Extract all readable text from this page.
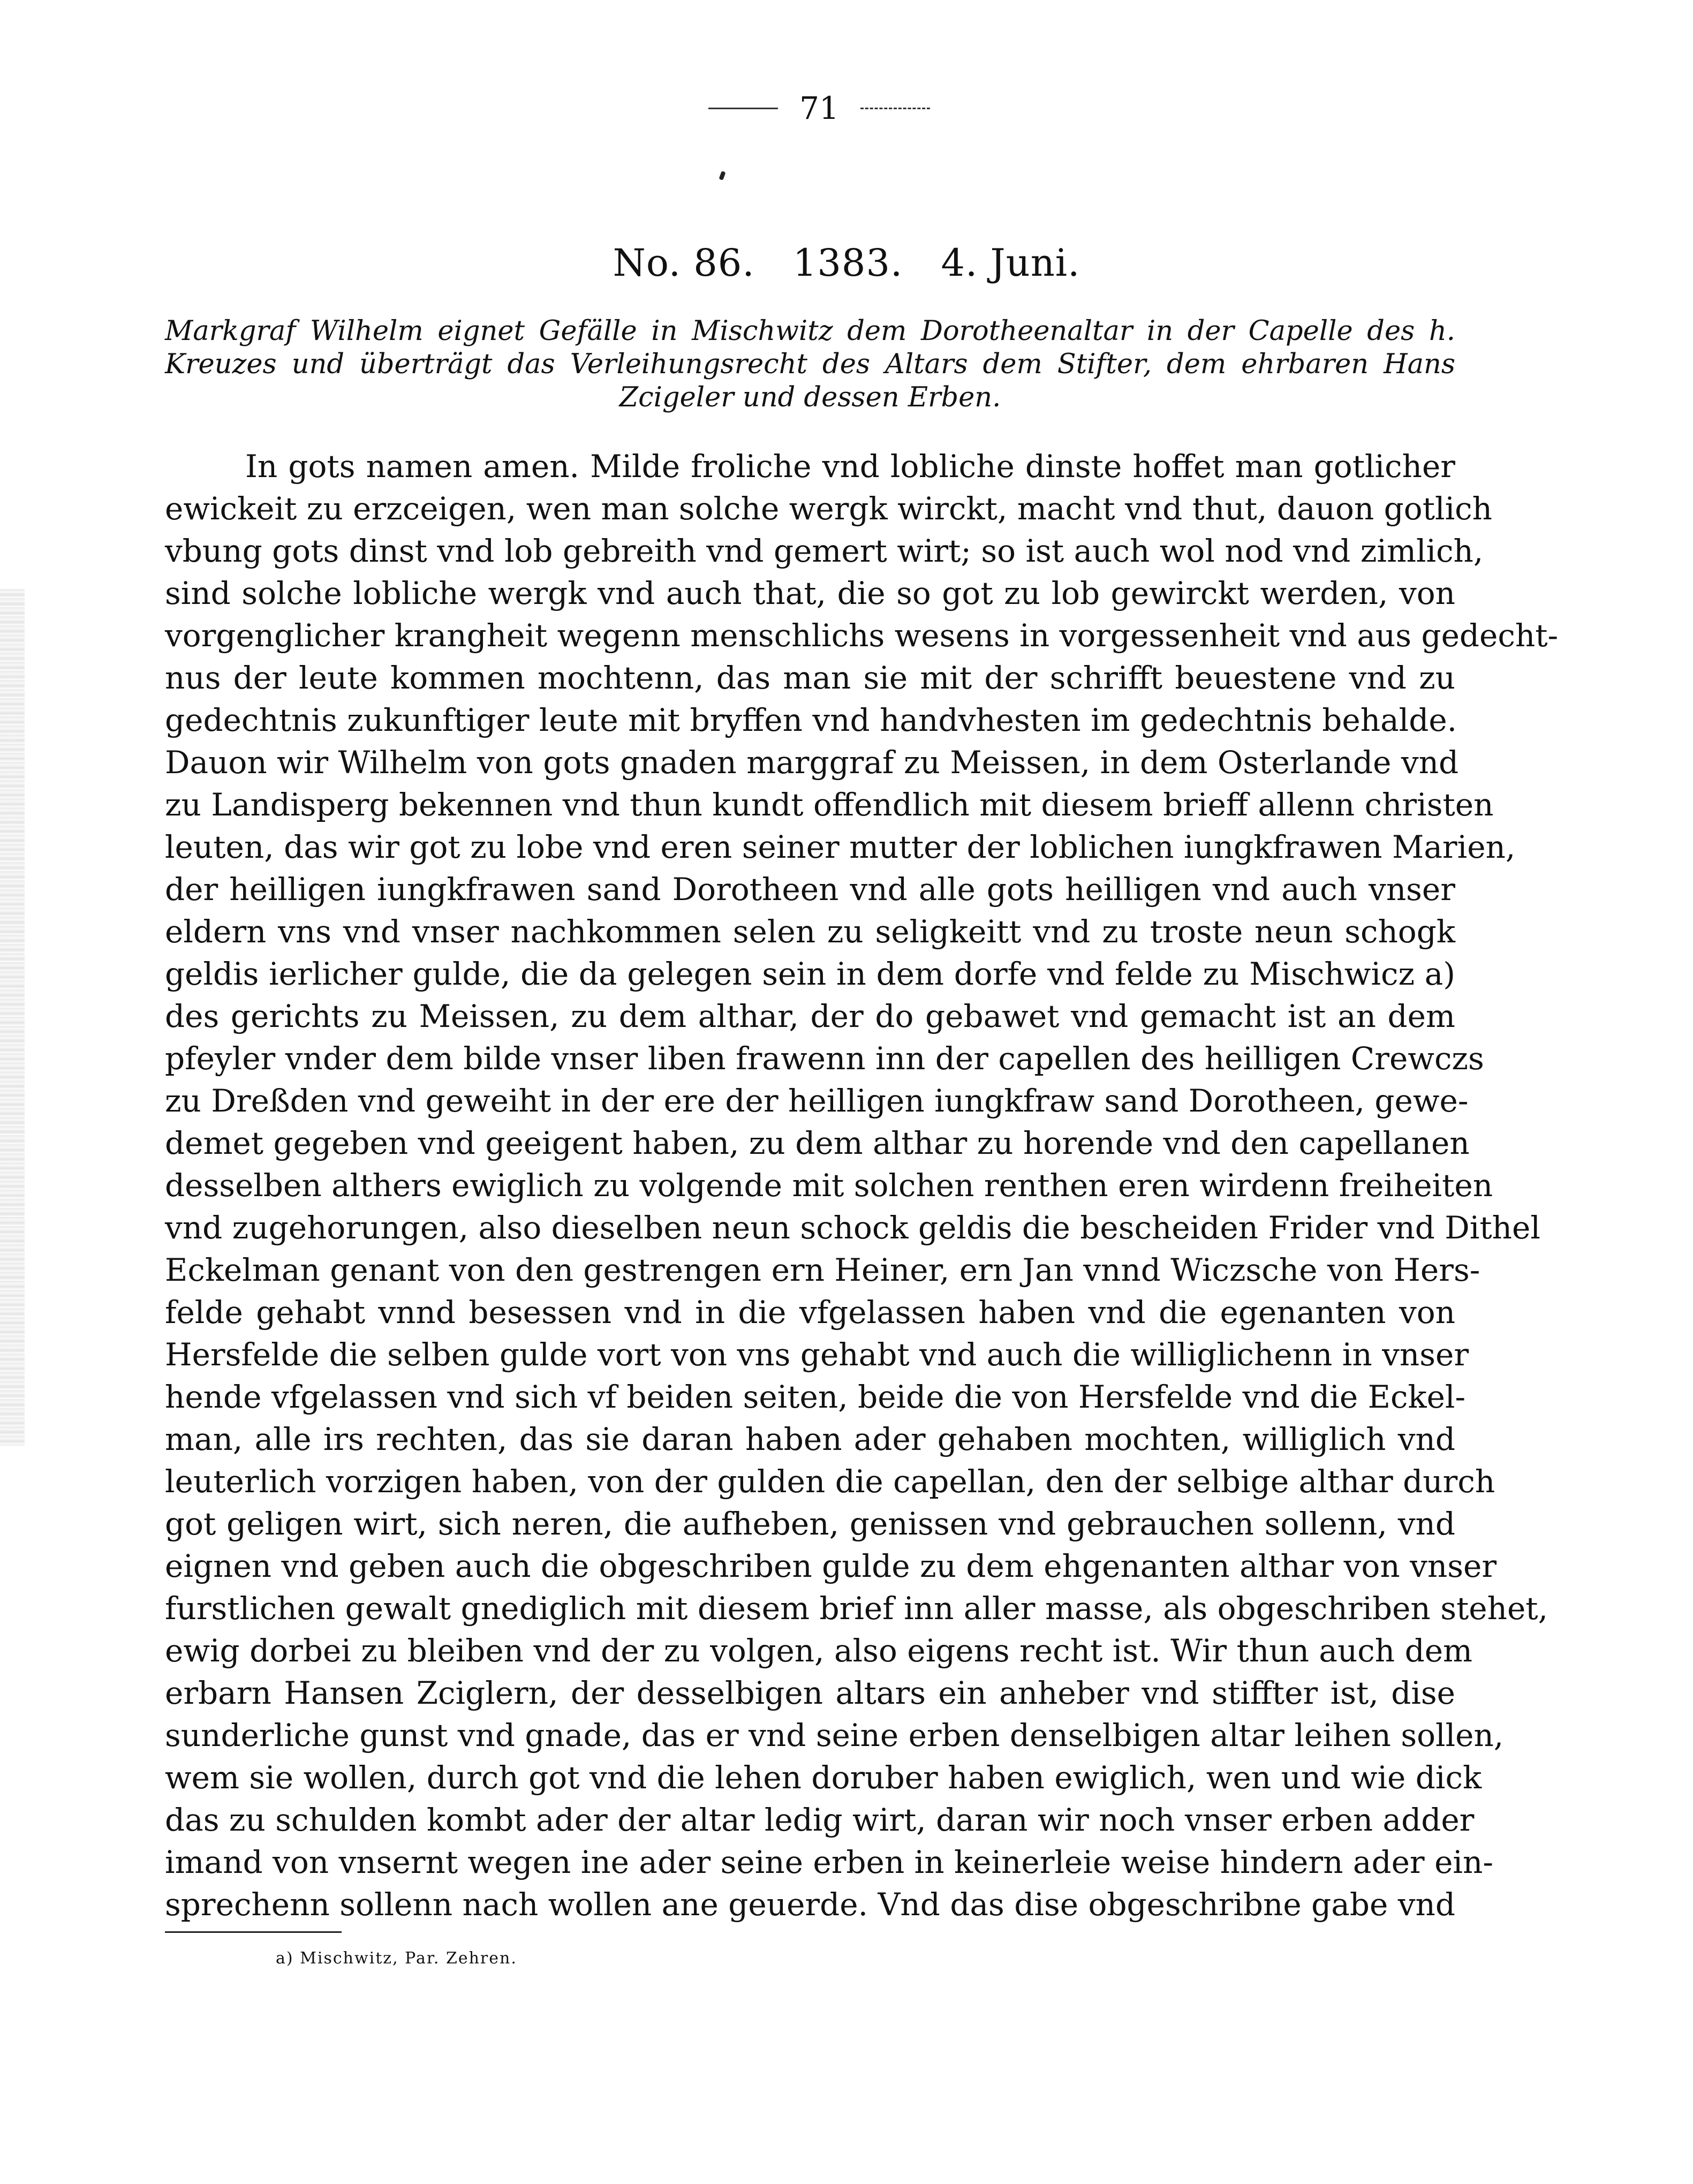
71
No. 86. 1383. 4. Juni.
Markgraf Wilhelm eignet Gefälle in Mischwitz dem Dorotheenaltar in der Capelle des h. Kreuzes und überträgt das Verleihungsrecht des Altars dem Stifter, dem ehrbaren Hans Zcigeler und dessen Erben.
In gots namen amen. Milde froliche vnd lobliche dinste hoffet man gotlicher
ewickeit zu erzceigen, wen man solche wergk wirckt, macht vnd thut, dauon gotlich
vbung gots dinst vnd lob gebreith vnd gemert wirt; so ist auch wol nod vnd zimlich,
sind solche lobliche wergk vnd auch that, die so got zu lob gewirckt werden, von
vorgenglicher krangheit wegenn menschlichs wesens in vorgessenheit vnd aus gedecht-
nus der leute kommen mochtenn, das man sie mit der schrifft beuestene vnd zu
gedechtnis zukunftiger leute mit bryffen vnd handvhesten im gedechtnis behalde.
Dauon wir Wilhelm von gots gnaden marggraf zu Meissen, in dem Osterlande vnd
zu Landisperg bekennen vnd thun kundt offendlich mit diesem brieff allenn christen
leuten, das wir got zu lobe vnd eren seiner mutter der loblichen iungkfrawen Marien,
der heilligen iungkfrawen sand Dorotheen vnd alle gots heilligen vnd auch vnser
eldern vns vnd vnser nachkommen selen zu seligkeitt vnd zu troste neun schogk
geldis ierlicher gulde, die da gelegen sein in dem dorfe vnd felde zu Mischwicz a)
des gerichts zu Meissen, zu dem althar, der do gebawet vnd gemacht ist an dem
pfeyler vnder dem bilde vnser liben frawenn inn der capellen des heilligen Crewczs
zu Dreßden vnd geweiht in der ere der heilligen iungkfraw sand Dorotheen, gewe-
demet gegeben vnd geeigent haben, zu dem althar zu horende vnd den capellanen
desselben althers ewiglich zu volgende mit solchen renthen eren wirdenn freiheiten
vnd zugehorungen, also dieselben neun schock geldis die bescheiden Frider vnd Dithel
Eckelman genant von den gestrengen ern Heiner, ern Jan vnnd Wiczsche von Hers-
felde gehabt vnnd besessen vnd in die vfgelassen haben vnd die egenanten von
Hersfelde die selben gulde vort von vns gehabt vnd auch die williglichenn in vnser
hende vfgelassen vnd sich vf beiden seiten, beide die von Hersfelde vnd die Eckel-
man, alle irs rechten, das sie daran haben ader gehaben mochten, williglich vnd
leuterlich vorzigen haben, von der gulden die capellan, den der selbige althar durch
got geligen wirt, sich neren, die aufheben, genissen vnd gebrauchen sollenn, vnd
eignen vnd geben auch die obgeschriben gulde zu dem ehgenanten althar von vnser
furstlichen gewalt gnediglich mit diesem brief inn aller masse, als obgeschriben stehet,
ewig dorbei zu bleiben vnd der zu volgen, also eigens recht ist. Wir thun auch dem
erbarn Hansen Zciglern, der desselbigen altars ein anheber vnd stiffter ist, dise
sunderliche gunst vnd gnade, das er vnd seine erben denselbigen altar leihen sollen,
wem sie wollen, durch got vnd die lehen doruber haben ewiglich, wen und wie dick
das zu schulden kombt ader der altar ledig wirt, daran wir noch vnser erben adder
imand von vnsernt wegen ine ader seine erben in keinerleie weise hindern ader ein-
sprechenn sollenn nach wollen ane geuerde. Vnd das dise obgeschribne gabe vnd
a) Mischwitz, Par. Zehren.
